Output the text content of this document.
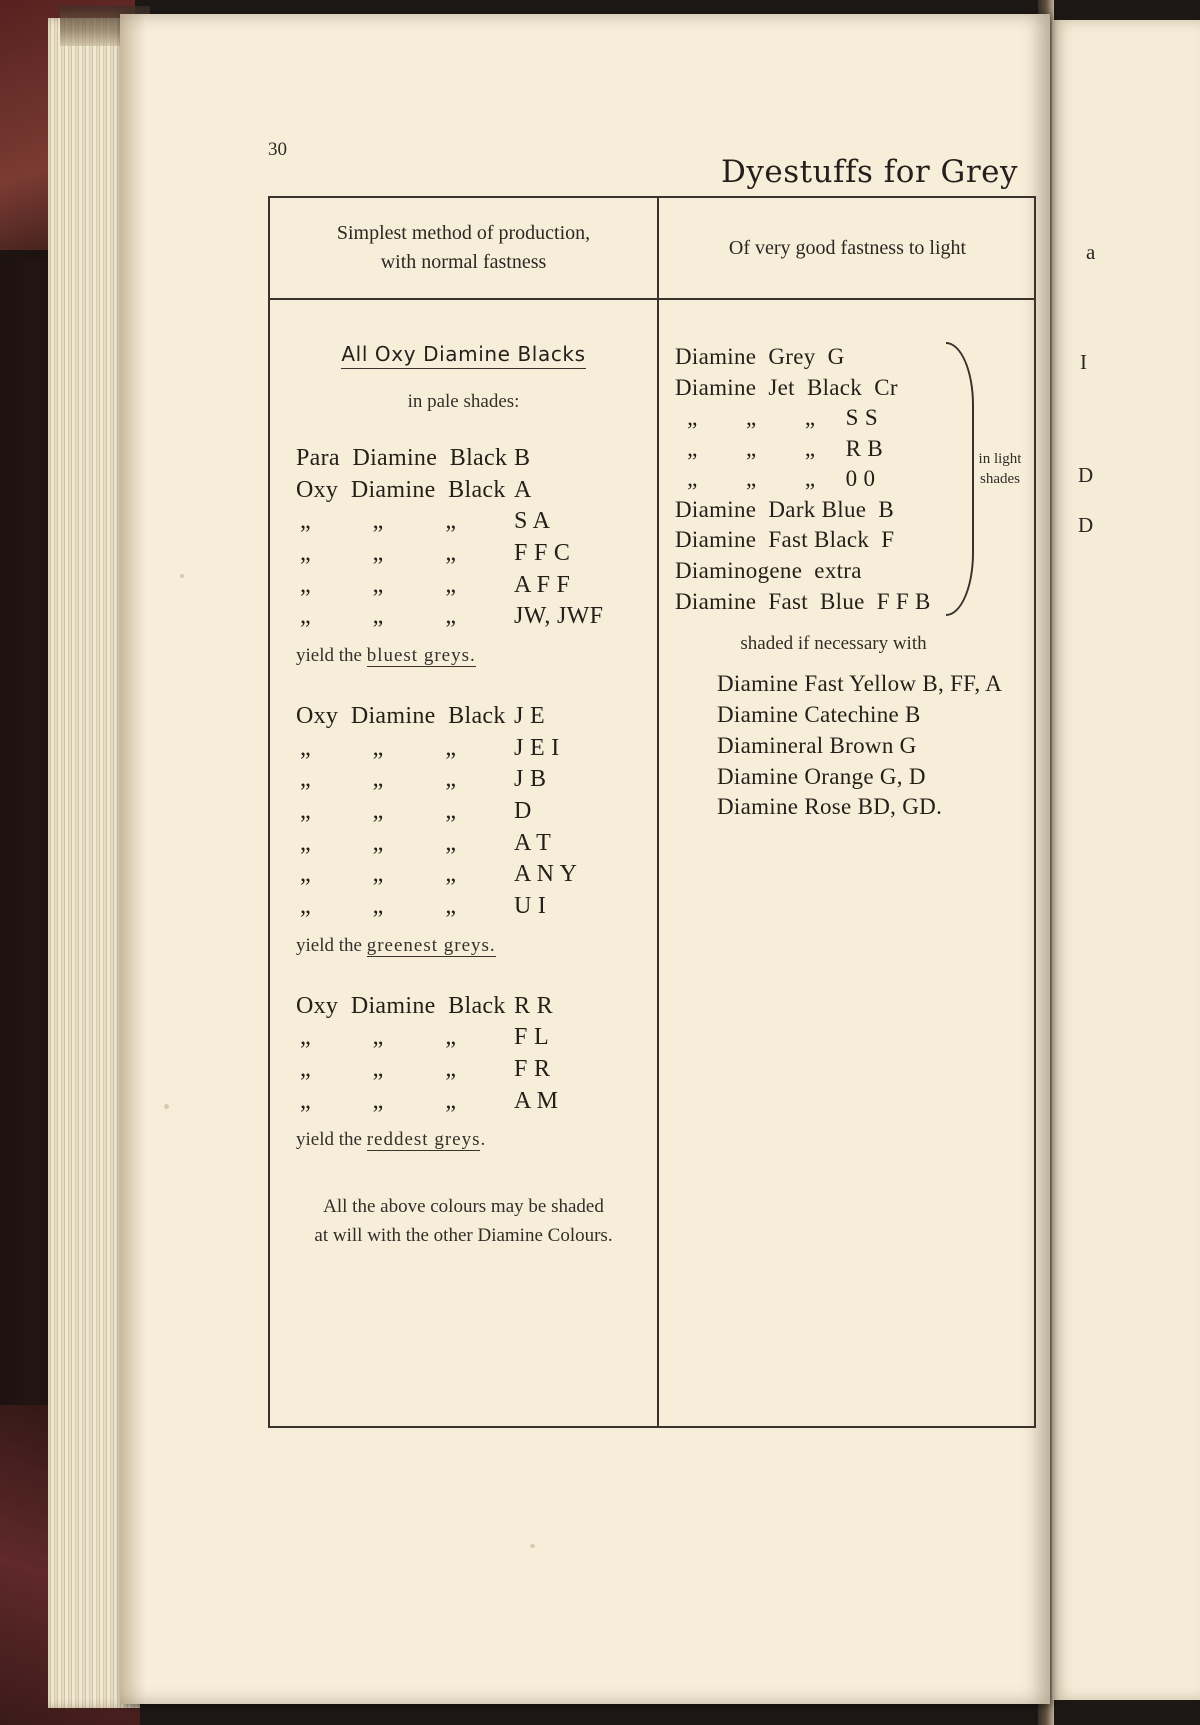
a
I
D
D
30
Dyestuffs for Grey
Simplest method of production,
with normal fastness
Of very good fastness to light
All Oxy Diamine Blacks
in pale shades:
Para  Diamine  Black B
Oxy  Diamine  Black A
„	„	„	S A
„	„	„	F F C
„	„	„	A F F
„	„	„	JW, JWF
yield the bluest greys.
Oxy  Diamine  Black J E
„	„	„	J E I
„	„	„	J B
„	„	„	D
„	„	„	A T
„	„	„	A N Y
„	„	„	U I
yield the greenest greys.
Oxy  Diamine  Black R R
„	„	„	F L
„	„	„	F R
„	„	„	A M
yield the reddest greys.
All the above colours may be shaded
at will with the other Diamine Colours.
in light
shades
Diamine  Grey  G
Diamine  Jet  Black  Cr
„        „        „     S S
„        „        „     R B
„        „        „     0 0
Diamine  Dark Blue  B
Diamine  Fast Black  F
Diaminogene  extra
Diamine  Fast  Blue  F F B
shaded if necessary with
Diamine Fast Yellow B, FF, A
Diamine Catechine B
Diamineral Brown G
Diamine Orange G, D
Diamine Rose BD, GD.
